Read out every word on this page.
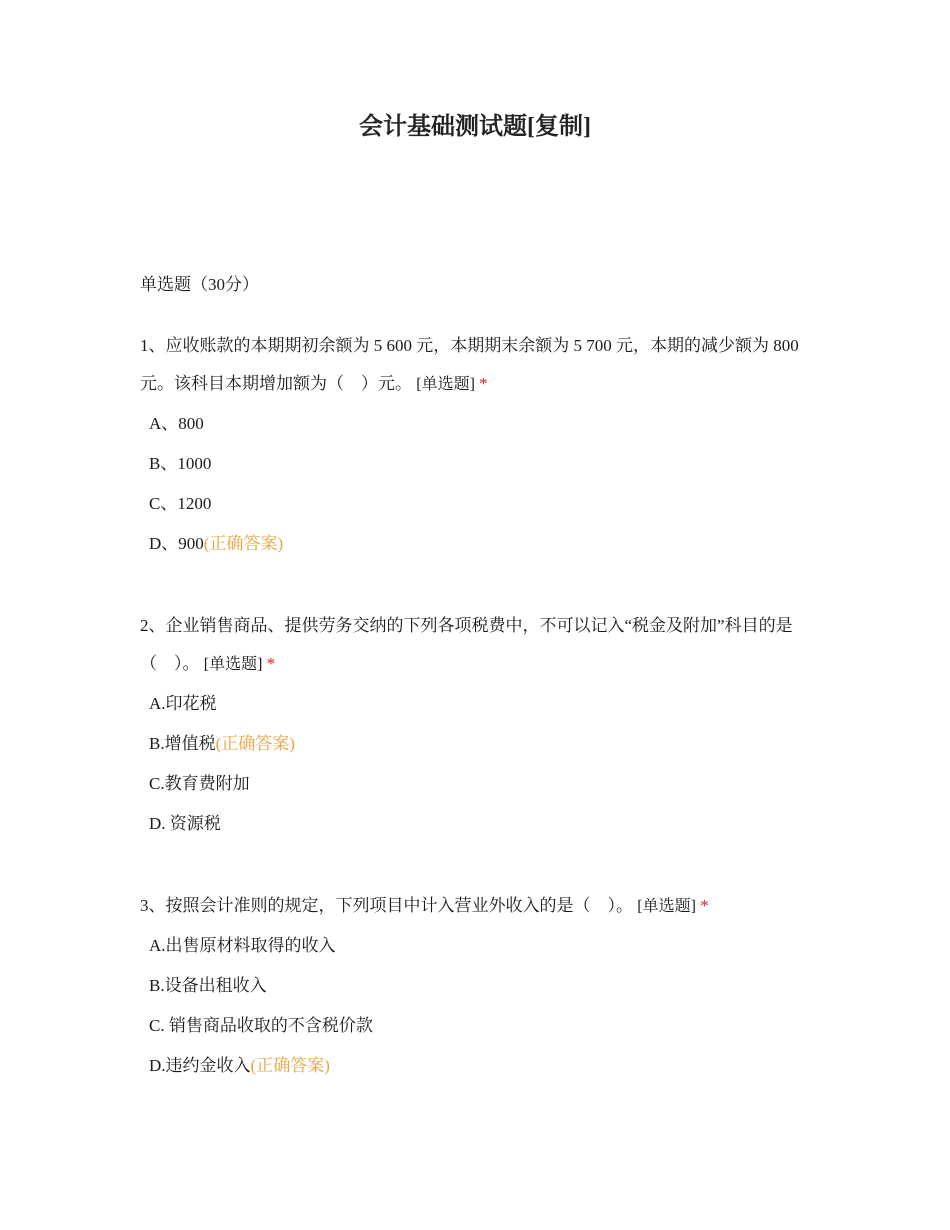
会计基础测试题[复制]
单选题（30分）
1、应收账款的本期期初余额为 5 600 元，本期期末余额为 5 700 元，本期的减少额为 800 元。该科目本期增加额为（　）元。 [单选题] *
A、800
B、1000
C、1200
D、900(正确答案)
2、企业销售商品、提供劳务交纳的下列各项税费中，不可以记入“税金及附加”科目的是（　）。 [单选题] *
A.印花税
B.增值税(正确答案)
C.教育费附加
D. 资源税
3、按照会计准则的规定，下列项目中计入营业外收入的是（　）。 [单选题] *
A.出售原材料取得的收入
B.设备出租收入
C. 销售商品收取的不含税价款
D.违约金收入(正确答案)
